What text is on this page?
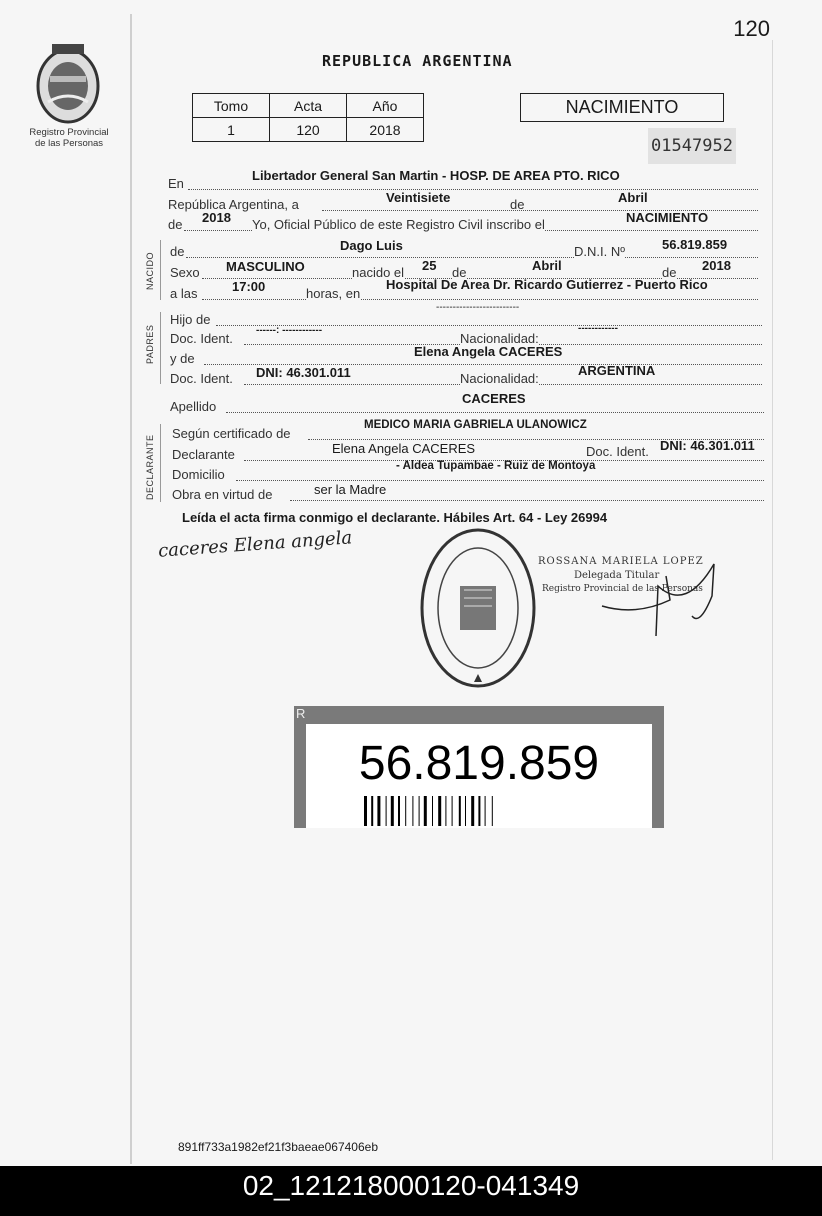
120
Registro Provincial
de las Personas
REPUBLICA ARGENTINA
Tomo	Acta	Año
1	120	2018
NACIMIENTO
01547952
En
Libertador General San Martin - HOSP. DE AREA PTO. RICO
República Argentina, a	Veintisiete	de	Abril
de 2018 Yo, Oficial Público de este Registro Civil inscribo el	NACIMIENTO
NACIDO
de	Dago Luis	D.N.I. Nº	56.819.859
Sexo MASCULINO	nacido el 25 de	Abril	de 2018
a las	17:00	horas, en
Hospital De Area Dr. Ricardo Gutierrez - Puerto Rico
PADRES
Hijo de
-------------------------
Doc. Ident.
------: ------------
Nacionalidad:
------------
y de	Elena Angela CACERES
Doc. Ident. DNI: 46.301.011	Nacionalidad:
ARGENTINA
Apellido
CACERES
DECLARANTE
Según certificado de
MEDICO MARIA GABRIELA ULANOWICZ
Declarante	Elena Angela CACERES	Doc. Ident. DNI: 46.301.011
Domicilio
- Aldea Tupambae - Ruiz de Montoya
Obra en virtud de	ser la Madre
Leída el acta firma conmigo el declarante. Hábiles Art. 64 - Ley 26994
caceres Elena angela	ROSSANA MARIELA LOPEZ
Delegada Titular
Registro Provincial de las Personas
R
56.819.859
891ff733a1982ef21f3baeae067406eb
02_121218000120-041349
